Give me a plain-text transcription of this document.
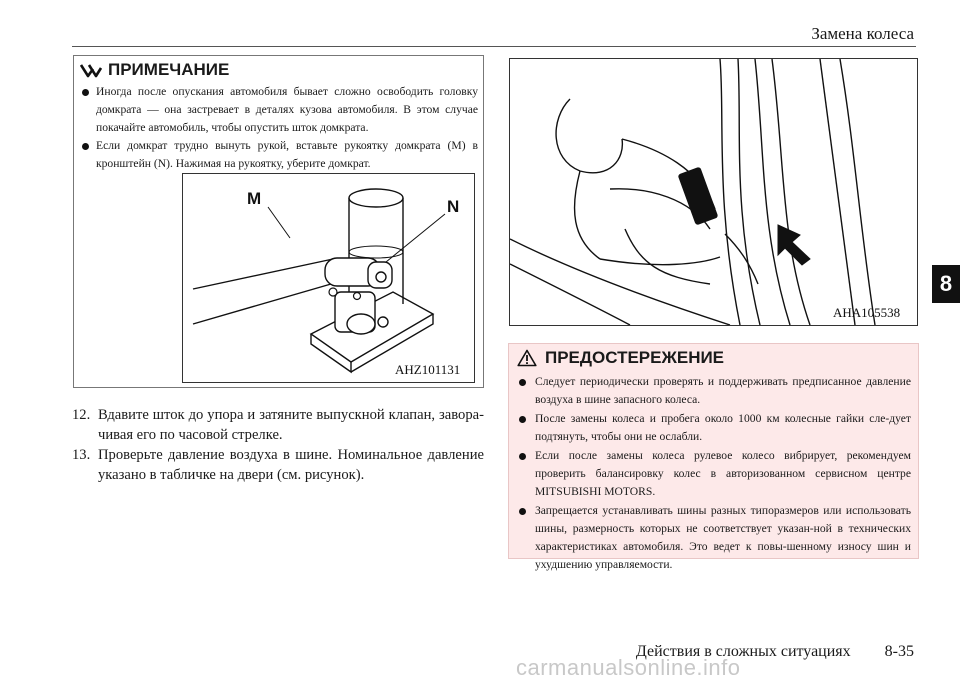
Замена колеса
8
ПРИМЕЧАНИЕ
Иногда после опускания автомобиля бывает сложно освободить головку домкрата — она застревает в деталях кузова автомобиля. В этом случае покачайте автомобиль, чтобы опустить шток домкрата.
Если домкрат трудно вынуть рукой, вставьте рукоятку домкрата (M) в кронштейн (N). Нажимая на рукоятку, уберите домкрат.
M	N
AHZ101131
12. Вдавите шток до упора и затяните выпускной клапан, завора-чивая его по часовой стрелке.
13. Проверьте давление воздуха в шине. Номинальное давление указано в табличке на двери (см. рисунок).
AHA105538
ПРЕДОСТЕРЕЖЕНИЕ
Следует периодически проверять и поддерживать предписанное давление воздуха в шине запасного колеса.
После замены колеса и пробега около 1000 км колесные гайки сле-дует подтянуть, чтобы они не ослабли.
Если после замены колеса рулевое колесо вибрирует, рекомендуем проверить балансировку колес в авторизованном сервисном центре MITSUBISHI MOTORS.
Запрещается устанавливать шины разных типоразмеров или использовать шины, размерность которых не соответствует указан-ной в технических характеристиках автомобиля. Это ведет к повы-шенному износу шин и ухудшению управляемости.
Действия в сложных ситуациях 8-35
carmanualsonline.info
